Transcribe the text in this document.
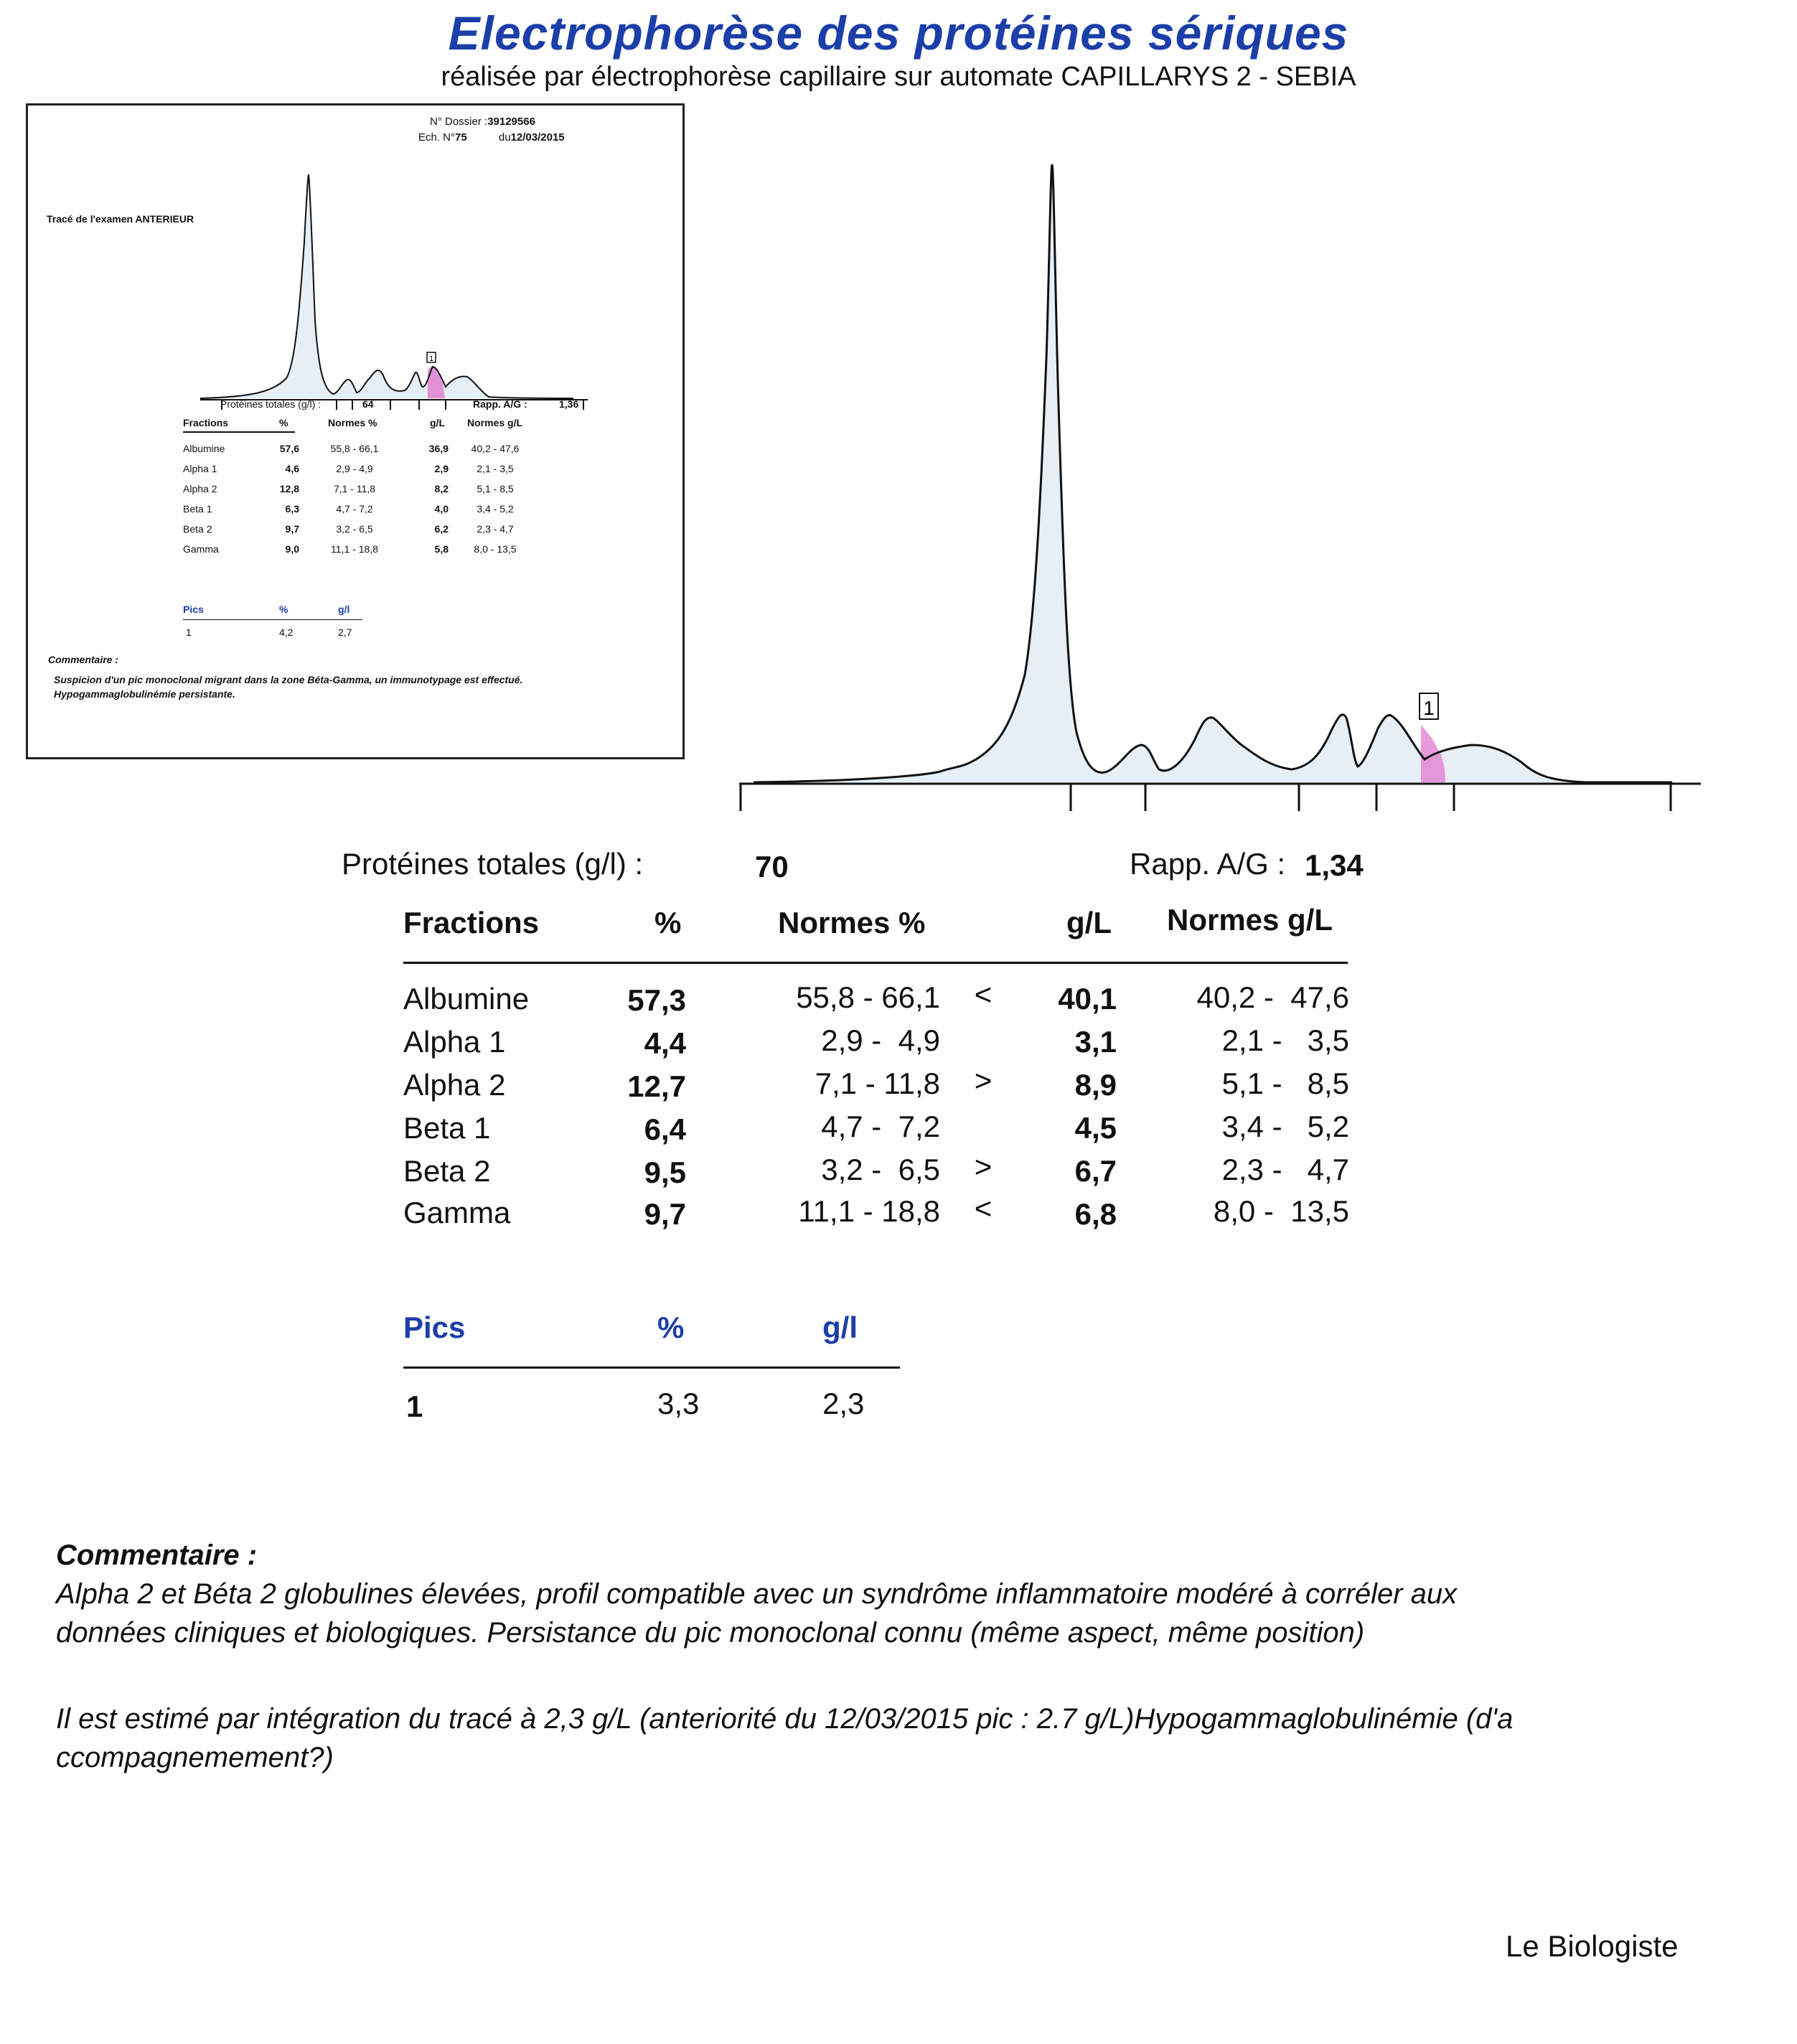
Electrophorèse des protéines sériques
réalisée par électrophorèse capillaire sur automate CAPILLARYS 2 - SEBIA
N° Dossier :39129566
Ech. N°75	du12/03/2015
Tracé de l'examen ANTERIEUR
1
Protéines totales (g/l) :	64	Rapp. A/G :	1,36
Fractions	%	Normes %	g/L Normes g/L
Albumine	57,6	55,8 - 66,1	36,9	40,2 - 47,6
Alpha 1	4,6	2,9 - 4,9	2,9	2,1 - 3,5
Alpha 2	12,8	7,1 - 11,8	8,2	5,1 - 8,5
Beta 1	6,3	4,7 - 7,2	4,0	3,4 - 5,2
Beta 2	9,7	3,2 - 6,5	6,2	2,3 - 4,7
Gamma	9,0	11,1 - 18,8	5,8	8,0 - 13,5
Pics	%	g/l
1	4,2	2,7
Commentaire :
Suspicion d'un pic monoclonal migrant dans la zone Béta-Gamma, un immunotypage est effectué.
Hypogammaglobulinémie persistante.
1
Protéines totales (g/l) :	70	Rapp. A/G : 1,34
Fractions	%	Normes %	g/L Normes g/L
Albumine	57,3	55,8 - 66,1 <	40,1	40,2 -  47,6
Alpha 1	4,4	2,9 -  4,9	3,1	2,1 -   3,5
Alpha 2	12,7	7,1 - 11,8 >	8,9	5,1 -   8,5
Beta 1	6,4	4,7 -  7,2	4,5	3,4 -   5,2
Beta 2	9,5	3,2 -  6,5 >	6,7	2,3 -   4,7
Gamma	9,7	11,1 - 18,8 <	6,8	8,0 -  13,5
Pics	%	g/l
1	3,3	2,3
Commentaire :
Alpha 2 et Béta 2 globulines élevées, profil compatible avec un syndrôme inflammatoire modéré à corréler aux
données cliniques et biologiques. Persistance du pic monoclonal connu (même aspect, même position)
Il est estimé par intégration du tracé à 2,3 g/L (anteriorité du 12/03/2015 pic : 2.7 g/L)Hypogammaglobulinémie (d'a
ccompagnemement?)
Le Biologiste
